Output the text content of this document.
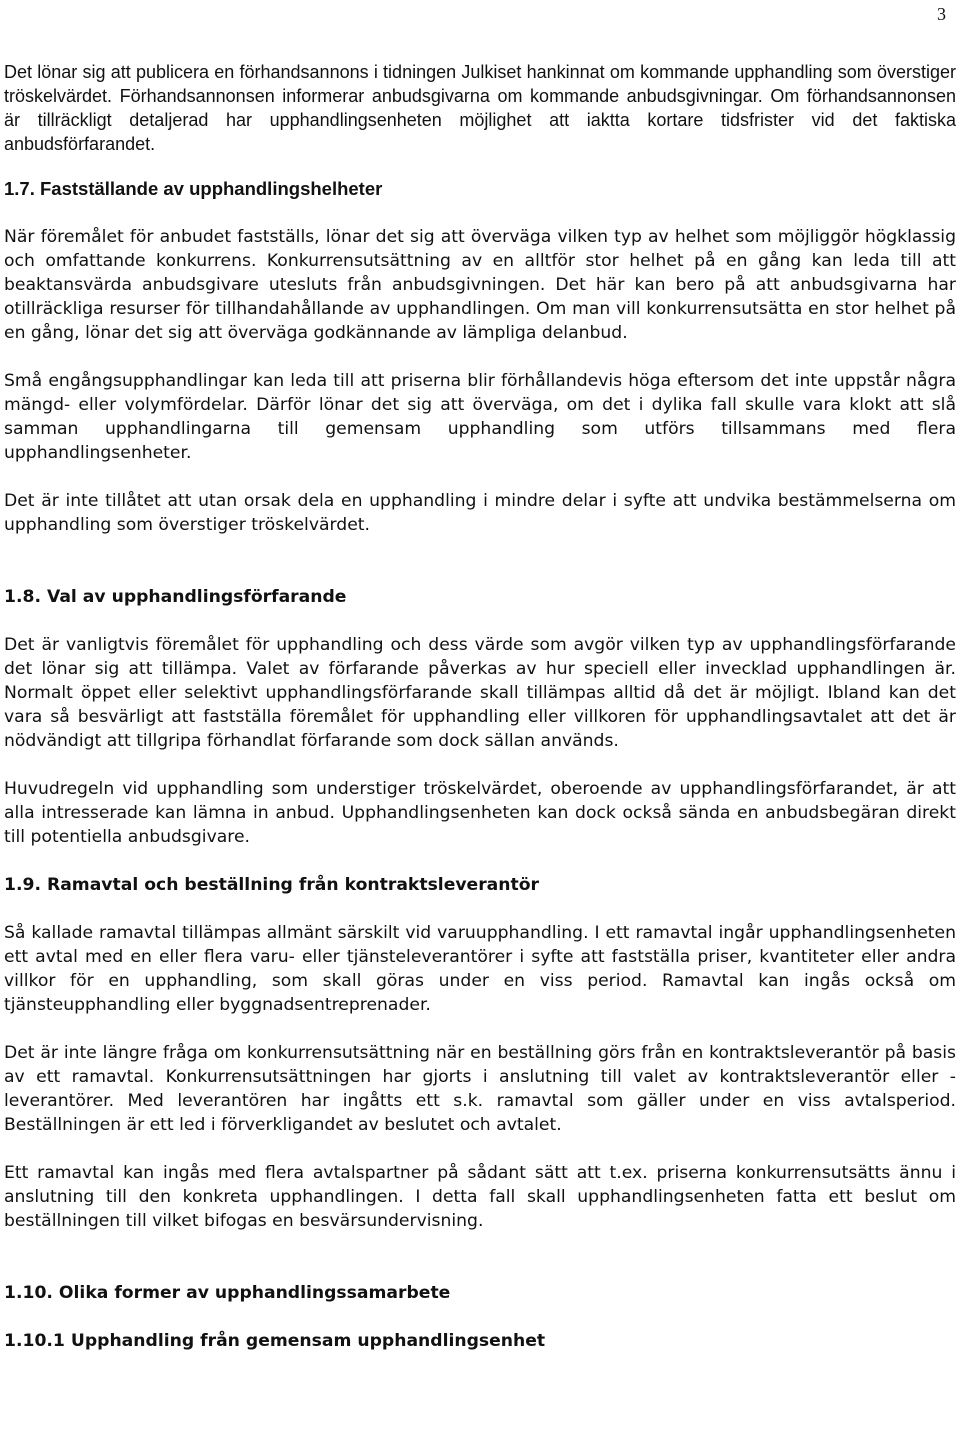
3

Det lönar sig att publicera en förhandsannons i tidningen Julkiset hankinnat om kommande upphandling som överstiger tröskelvärdet. Förhandsannonsen informerar anbudsgivarna om kommande anbudsgivningar. Om förhandsannonsen är tillräckligt detaljerad har upphandlingsenheten möjlighet att iaktta kortare tidsfrister vid det faktiska anbudsförfarandet.

1.7. Fastställande av upphandlingshelheter

När föremålet för anbudet fastställs, lönar det sig att överväga vilken typ av helhet som möjliggör högklassig och omfattande konkurrens. Konkurrensutsättning av en alltför stor helhet på en gång kan leda till att beaktansvärda anbudsgivare utesluts från anbudsgivningen. Det här kan bero på att anbudsgivarna har otillräckliga resurser för tillhandahållande av upphandlingen. Om man vill konkurrensutsätta en stor helhet på en gång, lönar det sig att överväga godkännande av lämpliga delanbud.

Små engångsupphandlingar kan leda till att priserna blir förhållandevis höga eftersom det inte uppstår några mängd- eller volymfördelar. Därför lönar det sig att överväga, om det i dylika fall skulle vara klokt att slå samman upphandlingarna till gemensam upphandling som utförs tillsammans med flera upphandlingsenheter.

Det är inte tillåtet att utan orsak dela en upphandling i mindre delar i syfte att undvika bestämmelserna om upphandling som överstiger tröskelvärdet.

1.8. Val av upphandlingsförfarande

Det är vanligtvis föremålet för upphandling och dess värde som avgör vilken typ av upphandlingsförfarande det lönar sig att tillämpa. Valet av förfarande påverkas av hur speciell eller invecklad upphandlingen är. Normalt öppet eller selektivt upphandlingsförfarande skall tillämpas alltid då det är möjligt. Ibland kan det vara så besvärligt att fastställa föremålet för upphandling eller villkoren för upphandlingsavtalet att det är nödvändigt att tillgripa förhandlat förfarande som dock sällan används.

Huvudregeln vid upphandling som understiger tröskelvärdet, oberoende av upphandlingsförfarandet, är att alla intresserade kan lämna in anbud. Upphandlingsenheten kan dock också sända en anbudsbegäran direkt till potentiella anbudsgivare.

1.9. Ramavtal och beställning från kontraktsleverantör

Så kallade ramavtal tillämpas allmänt särskilt vid varuupphandling. I ett ramavtal ingår upphandlingsenheten ett avtal med en eller flera varu- eller tjänsteleverantörer i syfte att fastställa priser, kvantiteter eller andra villkor för en upphandling, som skall göras under en viss period. Ramavtal kan ingås också om tjänsteupphandling eller byggnadsentreprenader.

Det är inte längre fråga om konkurrensutsättning när en beställning görs från en kontraktsleverantör på basis av ett ramavtal. Konkurrensutsättningen har gjorts i anslutning till valet av kontraktsleverantör eller -leverantörer. Med leverantören har ingåtts ett s.k. ramavtal som gäller under en viss avtalsperiod. Beställningen är ett led i förverkligandet av beslutet och avtalet.

Ett ramavtal kan ingås med flera avtalspartner på sådant sätt att t.ex. priserna konkurrensutsätts ännu i anslutning till den konkreta upphandlingen. I detta fall skall upphandlingsenheten fatta ett beslut om beställningen till vilket bifogas en besvärsundervisning.

1.10. Olika former av upphandlingssamarbete
1.10.1 Upphandling från gemensam upphandlingsenhet
